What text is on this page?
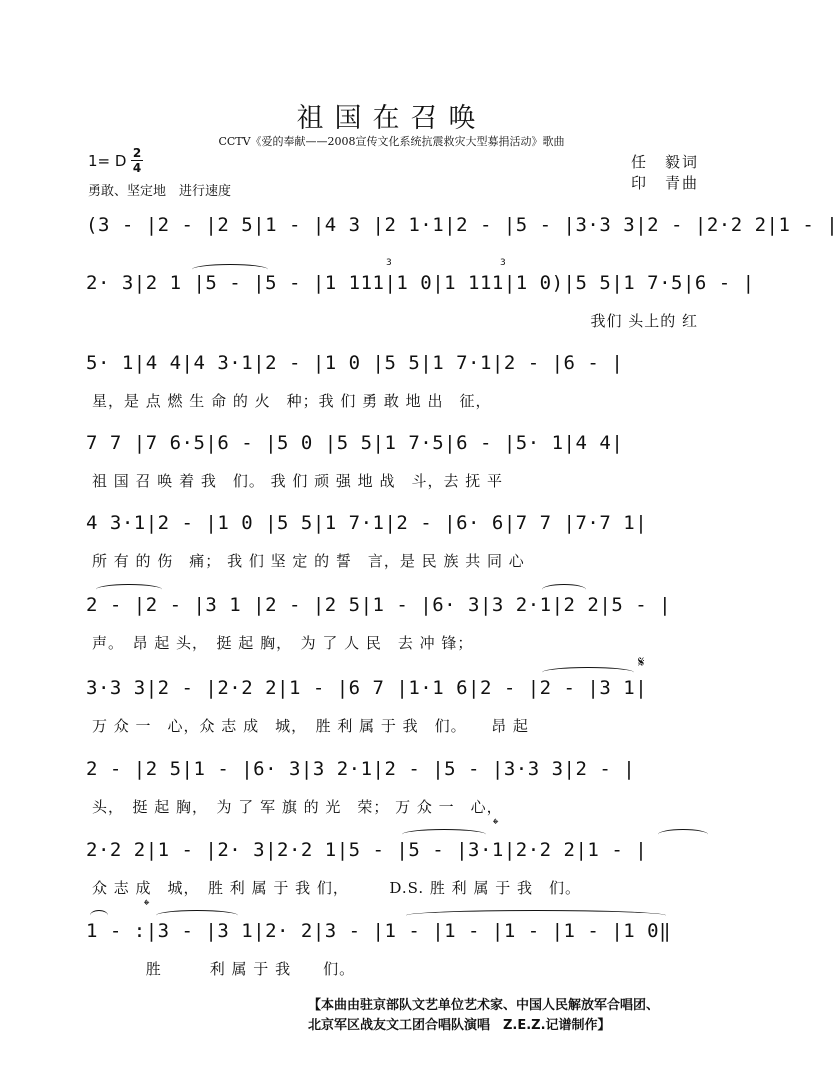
祖国在召唤
CCTV《爱的奉献——2008宣传文化系统抗震救灾大型募捐活动》歌曲
1= D 2
4
勇敢、坚定地　进行速度
任　毅词
印　青曲
(3 - |2 - |2 5|1 - |4 3 |2 1·1|2 - |5 - |3·3 3|2 - |2·2 2|1 - |
3	3
2· 3|2 1 |5 - |5 - |1 111|1 0|1 111|1 0)|5 5|1 7·5|6 - |
我们 头上的 红
5· 1|4 4|4 3·1|2 - |1 0 |5 5|1 7·1|2 - |6 - |
星，是 点 燃 生 命 的 火　种；我 们 勇 敢 地 出　征，
7 7 |7 6·5|6 - |5 0 |5 5|1 7·5|6 - |5· 1|4 4|
祖 国 召 唤 着 我　们。 我 们 顽 强 地 战　斗，去 抚 平
4 3·1|2 - |1 0 |5 5|1 7·1|2 - |6· 6|7 7 |7·7 1|
所 有 的 伤　痛； 我 们 坚 定 的 誓　言，是 民 族 共 同 心
2 - |2 - |3 1 |2 - |2 5|1 - |6· 3|3 2·1|2 2|5 - |
声。　昂 起 头，　挺 起 胸，　为 了 人 民　去 冲 锋；
𝄋
3·3 3|2 - |2·2 2|1 - |6 7 |1·1 6|2 - |2 - |3 1|
万 众 一　心，众 志 成　城，　胜 利 属 于 我　们。　　昂 起
2 - |2 5|1 - |6· 3|3 2·1|2 - |5 - |3·3 3|2 - |
头，　挺 起 胸，　为 了 军 旗 的 光　荣； 万 众 一　心，
𝄌
2·2 2|1 - |2· 3|2·2 1|5 - |5 - |3·1|2·2 2|1 - |
众 志 成　城，　胜 利 属 于 我 们，　　　D.S. 胜 利 属 于 我　们。
𝄌
1 - :|3 - |3 1|2· 2|3 - |1 - |1 - |1 - |1 - |1 0‖
　　　 胜　　　利 属 于 我　　们。
【本曲由驻京部队文艺单位艺术家、中国人民解放军合唱团、
北京军区战友文工团合唱队演唱　Z.E.Z.记谱制作】
